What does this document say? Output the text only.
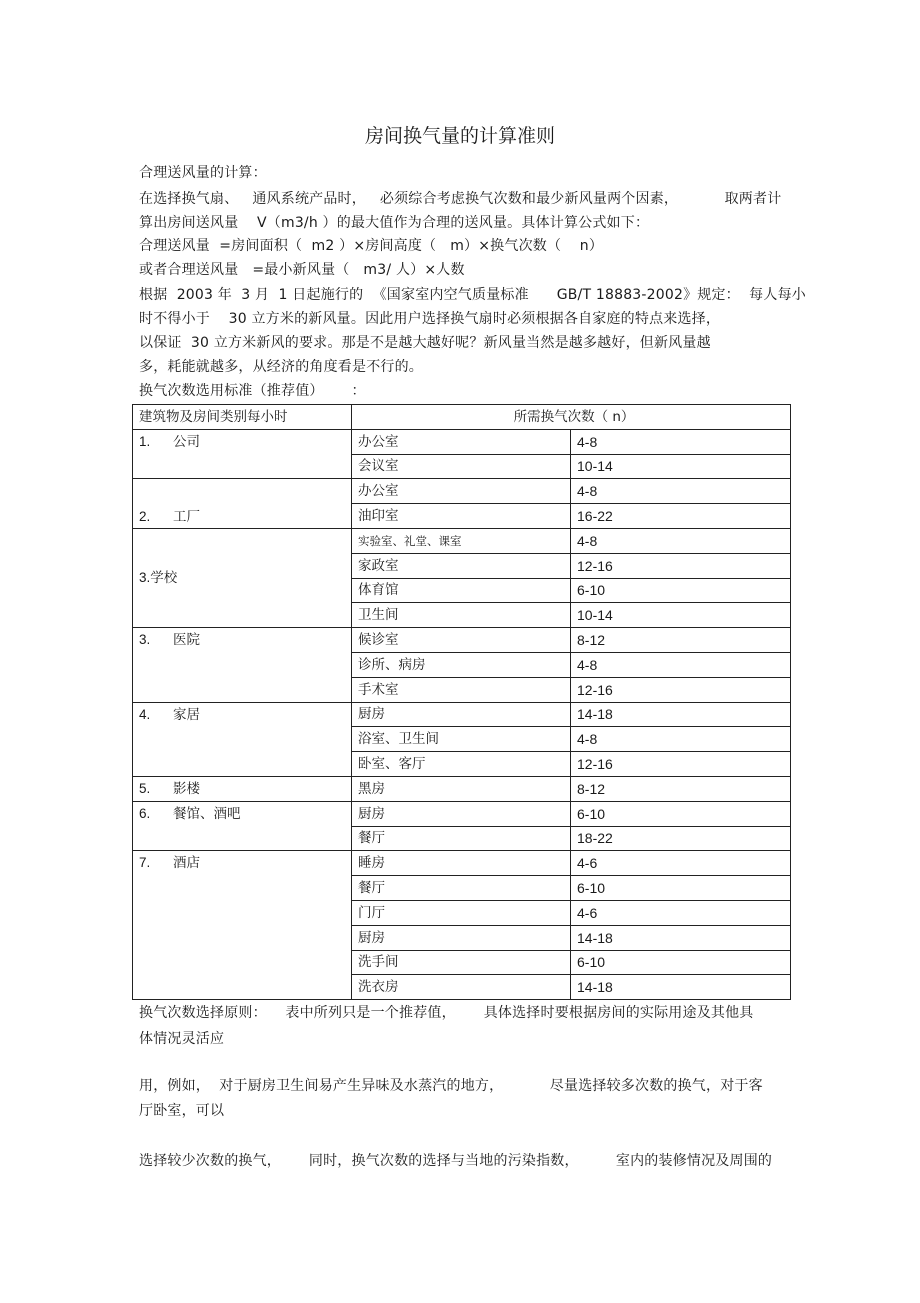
房间换气量的计算准则
合理送风量的计算：
在选择换气扇、   通风系统产品时，   必须综合考虑换气次数和最少新风量两个因素，          取两者计
算出房间送风量    V（m3/h ）的最大值作为合理的送风量。具体计算公式如下：
合理送风量  =房间面积（  m2 ）×房间高度（   m）×换气次数（    n）
或者合理送风量   =最小新风量（   m3/ 人）×人数
根据  2003 年  3 月  1 日起施行的  《国家室内空气质量标准      GB/T 18883-2002》规定：  每人每小
时不得小于    30 立方米的新风量。因此用户选择换气扇时必须根据各自家庭的特点来选择，
以保证  30 立方米新风的要求。那是不是越大越好呢？新风量当然是越多越好，但新风量越
多，耗能就越多，从经济的角度看是不行的。
换气次数选用标准（推荐值）      ：
建筑物及房间类别每小时	所需换气次数（ n）	
1. 公司	办公室	4-8
	会议室	10-14
2. 工厂	办公室	4-8
	油印室	16-22
3.学校	实验室、礼堂、课室	4-8
	家政室	12-16
	体育馆	6-10
	卫生间	10-14
3. 医院	候诊室	8-12
	诊所、病房	4-8
	手术室	12-16
4. 家居	厨房	14-18
	浴室、卫生间	4-8
	卧室、客厅	12-16
5. 影楼	黑房	8-12
6. 餐馆、酒吧	厨房	6-10
	餐厅	18-22
7. 酒店	睡房	4-6
	餐厅	6-10
	门厅	4-6
	厨房	14-18
	洗手间	6-10
	洗衣房	14-18
换气次数选择原则：    表中所列只是一个推荐值，      具体选择时要根据房间的实际用途及其他具
体情况灵活应
用，例如，  对于厨房卫生间易产生异味及水蒸汽的地方，          尽量选择较多次数的换气，对于客
厅卧室，可以
选择较少次数的换气，      同时，换气次数的选择与当地的污染指数，        室内的装修情况及周围的
